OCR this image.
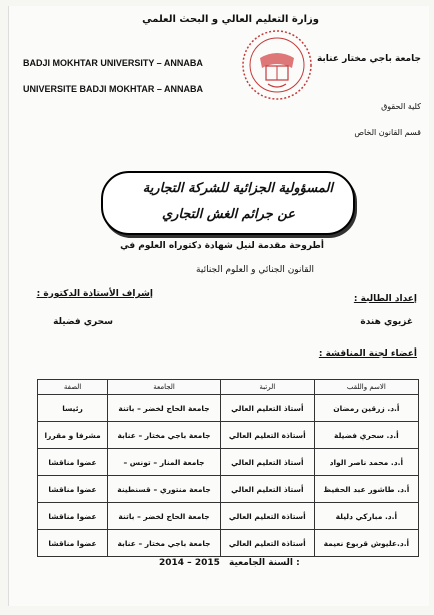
وزارة التعليم العالي و البحث العلمي
BADJI MOKHTAR UNIVERSITY – ANNABA
UNIVERSITE BADJI MOKHTAR – ANNABA
جامعة باجي مختار عنابة
كلية الحقوق
قسم القانون الخاص
المسؤولية الجزائية للشركة التجارية
عن جرائم الغش التجاري
أطروحة مقدمة لنيل شهادة دكتوراه العلوم في
القانون الجنائي و العلوم الجنائية
إعداد الطالبة :
إشراف الأستاذة الدكتورة :
غزيوي هندة
سحري فضيلة
أعضاء لجنة المناقشة :
الاسم واللقب	الرتبة	الجامعة	الصفة
أ.د. زرقين رمضان	أستاذ التعليم العالي	جامعة الحاج لخضر – باتنة	رئيسا
أ.د. سحري فضيلة	أستاذة التعليم العالي	جامعة باجي مختار – عنابة	مشرفا و مقررا
أ.د. محمد ناصر الواد	أستاذ التعليم العالي	جامعة المنار – تونس –	عضوا مناقشا
أ.د. طاشور عبد الحفيظ	أستاذ التعليم العالي	جامعة منتوري – قسنطينة	عضوا مناقشا
أ.د. مباركي دليلة	أستاذة التعليم العالي	جامعة الحاج لخضر – باتنة	عضوا مناقشا
أ.د.عليوش قربوع نعيمة	أستاذة التعليم العالي	جامعة باجي مختار – عنابة	عضوا مناقشا
2014 – 2015 السنة الجامعية :
